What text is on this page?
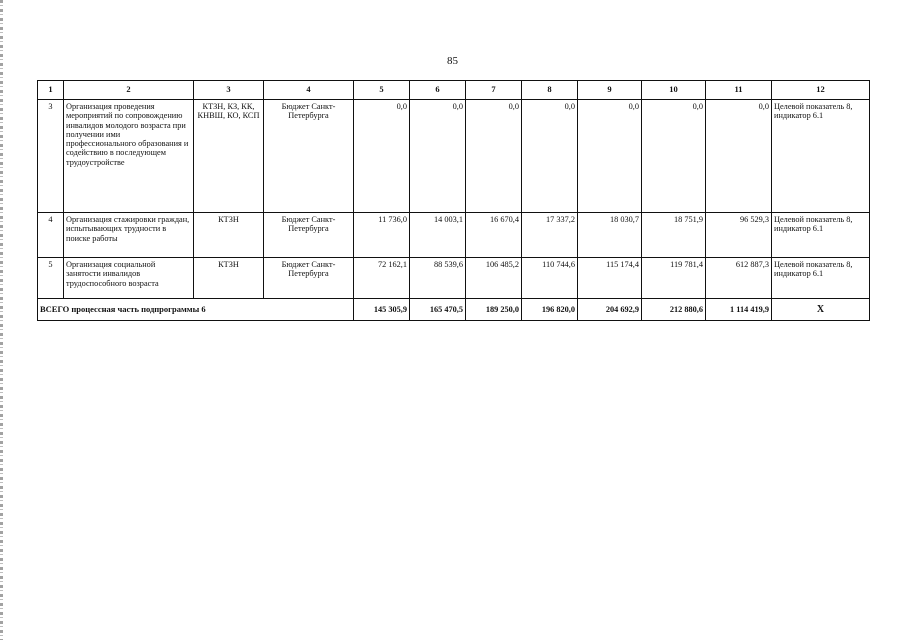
85
1	2	3	4	5	6	7	8	9	10	11	12
3	Организация проведения мероприятий по сопровождению инвалидов молодого возраста при получении ими профессионального образования и содействию в последующем трудоустройстве	КТЗН, КЗ, КК, КНВШ, КО, КСП	Бюджет Санкт-Петербурга	0,0	0,0	0,0	0,0	0,0	0,0	0,0	Целевой показатель 8, индикатор 6.1
4	Организация стажировки граждан, испытывающих трудности в поиске работы	КТЗН	Бюджет Санкт-Петербурга	11 736,0	14 003,1	16 670,4	17 337,2	18 030,7	18 751,9	96 529,3	Целевой показатель 8, индикатор 6.1
5	Организация социальной занятости инвалидов трудоспособного возраста	КТЗН	Бюджет Санкт-Петербурга	72 162,1	88 539,6	106 485,2	110 744,6	115 174,4	119 781,4	612 887,3	Целевой показатель 8, индикатор 6.1
ВСЕГО процессная часть подпрограммы 6				145 305,9	165 470,5	189 250,0	196 820,0	204 692,9	212 880,6	1 114 419,9	X
